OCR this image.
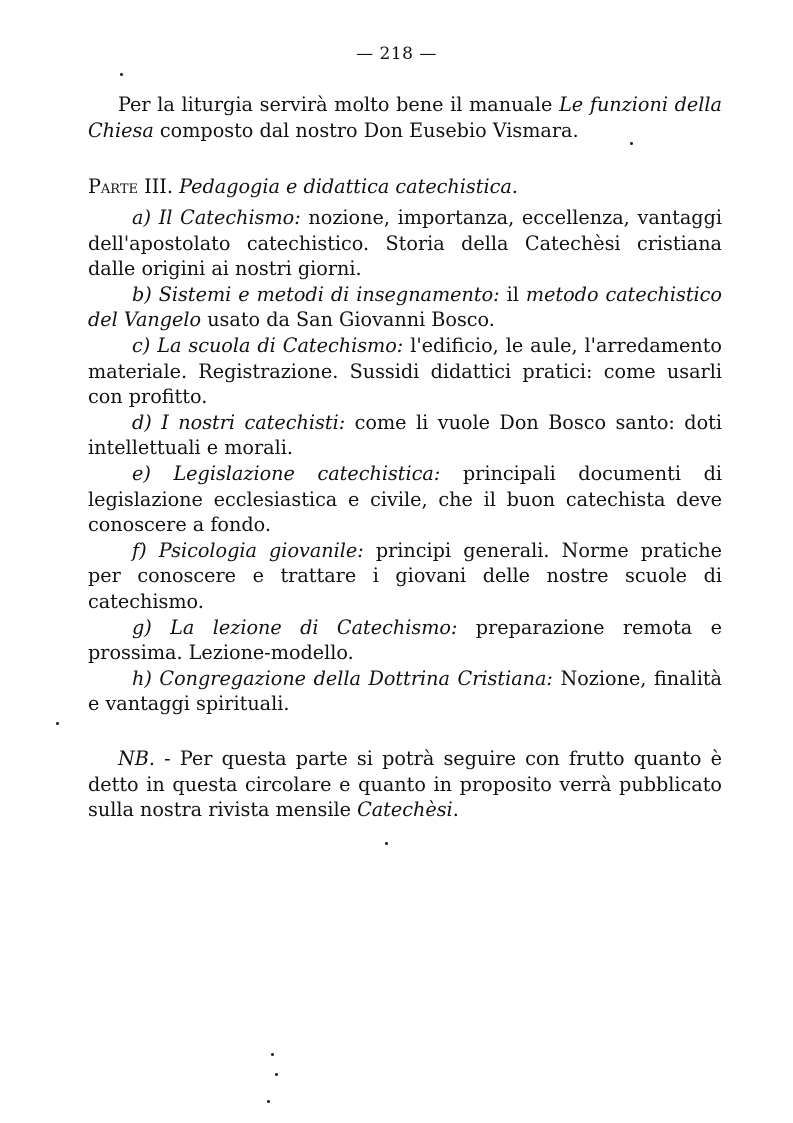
— 218 —

Per la liturgia servirà molto bene il manuale Le funzioni della Chiesa composto dal nostro Don Eusebio Vismara.

Parte III. Pedagogia e didattica catechistica.

a) Il Catechismo: nozione, importanza, eccellenza, vantaggi dell'apostolato catechistico. Storia della Catechèsi cristiana dalle origini ai nostri giorni.

b) Sistemi e metodi di insegnamento: il metodo catechistico del Vangelo usato da San Giovanni Bosco.

c) La scuola di Catechismo: l'edificio, le aule, l'arredamento materiale. Registrazione. Sussidi didattici pratici: come usarli con profitto.

d) I nostri catechisti: come li vuole Don Bosco santo: doti intellettuali e morali.

e) Legislazione catechistica: principali documenti di legislazione ecclesiastica e civile, che il buon catechista deve conoscere a fondo.

f) Psicologia giovanile: principi generali. Norme pratiche per conoscere e trattare i giovani delle nostre scuole di catechismo.

g) La lezione di Catechismo: preparazione remota e prossima. Lezione-modello.

h) Congregazione della Dottrina Cristiana: Nozione, finalità e vantaggi spirituali.

NB. - Per questa parte si potrà seguire con frutto quanto è detto in questa circolare e quanto in proposito verrà pubblicato sulla nostra rivista mensile Catechèsi.
